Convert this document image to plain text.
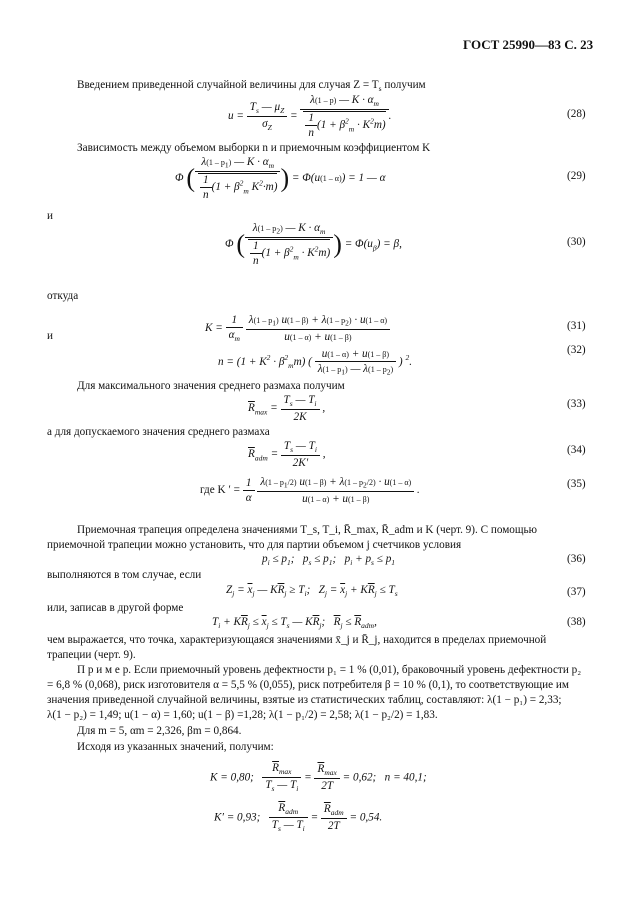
ГОСТ 25990—83 С. 23
Введением приведенной случайной величины для случая $Z = T_s$ получим
$u = \frac{T_s — \mu_Z}{\sigma_Z} = \frac{\lambda(1 - p) — K \cdot \alpha_m}{\frac{1}{n} (1 + \beta^2_m \cdot K^2m)}$ .	(28)
Зависимость между объемом выборки n и приемочным коэффициентом K
Φ ( $\frac{\lambda(1 - p_1) — K \cdot \alpha_m}{\frac{1}{n} (1 + \beta^2_m K^2\cdot m)}$ ) = Φ(u(1 – α)) = 1 — α	(29)
и
Φ ( $\frac{\lambda(1 - p_2) — K \cdot \alpha_m}{\frac{1}{n} (1 + \beta^2_m \cdot K^2m)}$ ) = $\Phi(u_\beta) = \beta$,	(30)
откуда
$K = \frac{1}{\alpha_m}$
$\frac{\lambda(1 - p_1) u(1 - \beta) + \lambda(1 - p_2) \cdot u(1 - \alpha)}{u(1 - \alpha) + u(1 - \beta)}$	(31)
и
$n = (1 + K^2 \cdot \beta^2_mm)$ ( $\frac{u(1 - \alpha) + u(1 - \beta)}{\lambda(1 - p_1) — \lambda(1 - p_2)}$ ) $^2$.
(32)
Для максимального значения среднего размаха получим
$\overline{R}_{max} = \frac{T_s — T_i}{2K}$ ,	(33)
а для допускаемого значения среднего размаха
$\overline{R}_{adm} = \frac{T_s — T_i}{2K'}$ ,	(34)
где K ′ = $\frac{1}{\alpha}$
$\frac{\lambda(1 - p_1/2) u(1 - \beta) + \lambda(1 - p_2/2) \cdot u(1 - \alpha)}{u(1 - \alpha) + u(1 - \beta)}$ .	(35)
Приемочная трапеция определена значениями T_s, T_i, R̄_max, R̄_adm и K (черт. 9). С помощью приемочной трапеции можно установить, что для партии объемом j счетчиков условия
$p_i \le p_1$;   $p_s \le p_1$;   $p_i + p_s \le p_1$	(36)
выполняются в том случае, если
$Z_j = \overline{x}_j$ — $K\overline{R}_j \ge T_i$;   $Z_j = \overline{x}_j + K\overline{R}_j \le T_s$	(37)
или, записав в другой форме
$T_i + K\overline{R}_j \le \overline{x}_j \le T_s$ — $K\overline{R}_j$;   $\overline{R}_j \le \overline{R}_{adm}$,	(38)
чем выражается, что точка, характеризующаяся значениями x̄_j и R̄_j, находится в пределах приемочной трапеции (черт. 9).
П р и м е р. Если приемочный уровень дефектности p₁ = 1 % (0,01), браковочный уровень дефектности p₂ = 6,8 % (0,068), риск изготовителя α = 5,5 % (0,055), риск потребителя β = 10 % (0,1), то соответствующие им значения приведенной случайной величины, взятые из статистических таблиц, составляют: λ(1 − p₁) = 2,33;
λ(1 − p₂) = 1,49; u(1 − α) = 1,60; u(1 − β) =1,28; λ(1 − p₁/2) = 2,58; λ(1 − p₂/2) = 1,83.
Для m = 5, αm = 2,326, βm = 0,864.
Исходя из указанных значений, получим:
K = 0,80; $\frac{\overline{R}_{max}}{T_s — T_i} = \frac{\overline{R}_{max}}{2T} = 0,62$; n = 40,1;
K′ = 0,93; $\frac{\overline{R}_{adm}}{T_s — T_i} = \frac{\overline{R}_{adm}}{2T} = 0,54$.
